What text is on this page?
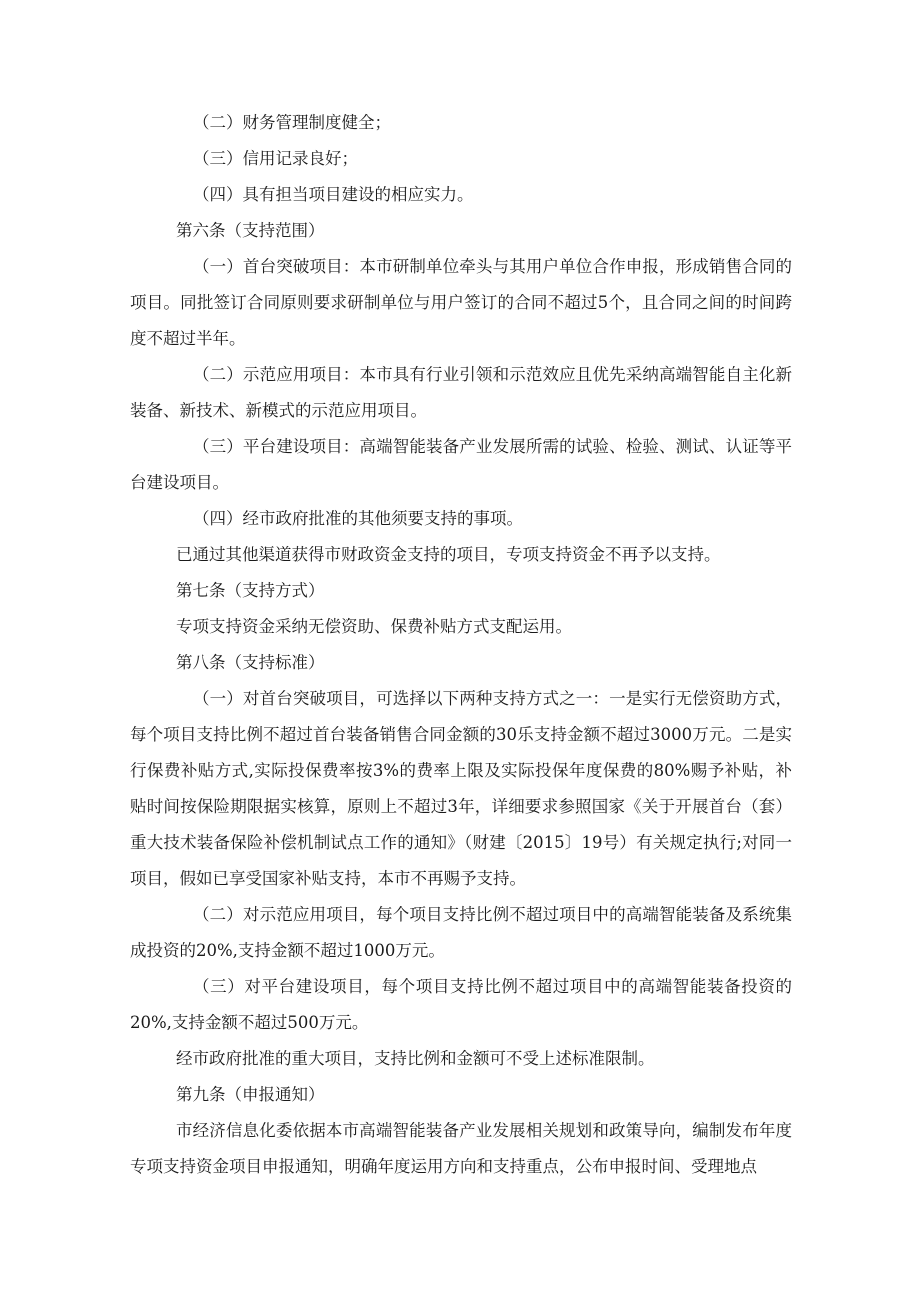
（二）财务管理制度健全；

（三）信用记录良好；

（四）具有担当项目建设的相应实力。

第六条（支持范围）

（一）首台突破项目：本市研制单位牵头与其用户单位合作申报，形成销售合同的项目。同批签订合同原则要求研制单位与用户签订的合同不超过5个，且合同之间的时间跨度不超过半年。

（二）示范应用项目：本市具有行业引领和示范效应且优先采纳高端智能自主化新装备、新技术、新模式的示范应用项目。

（三）平台建设项目：高端智能装备产业发展所需的试验、检验、测试、认证等平台建设项目。

（四）经市政府批准的其他须要支持的事项。

已通过其他渠道获得市财政资金支持的项目，专项支持资金不再予以支持。

第七条（支持方式）

专项支持资金采纳无偿资助、保费补贴方式支配运用。

第八条（支持标准）

（一）对首台突破项目，可选择以下两种支持方式之一：一是实行无偿资助方式，每个项目支持比例不超过首台装备销售合同金额的30乐支持金额不超过3000万元。二是实行保费补贴方式,实际投保费率按3%的费率上限及实际投保年度保费的80%赐予补贴，补贴时间按保险期限据实核算，原则上不超过3年，详细要求参照国家《关于开展首台（套）重大技术装备保险补偿机制试点工作的通知》（财建〔2015〕19号）有关规定执行;对同一项目，假如已享受国家补贴支持，本市不再赐予支持。

（二）对示范应用项目，每个项目支持比例不超过项目中的高端智能装备及系统集成投资的20%,支持金额不超过1000万元。

（三）对平台建设项目，每个项目支持比例不超过项目中的高端智能装备投资的20%,支持金额不超过500万元。

经市政府批准的重大项目，支持比例和金额可不受上述标准限制。

第九条（申报通知）

市经济信息化委依据本市高端智能装备产业发展相关规划和政策导向，编制发布年度专项支持资金项目申报通知，明确年度运用方向和支持重点，公布申报时间、受理地点
